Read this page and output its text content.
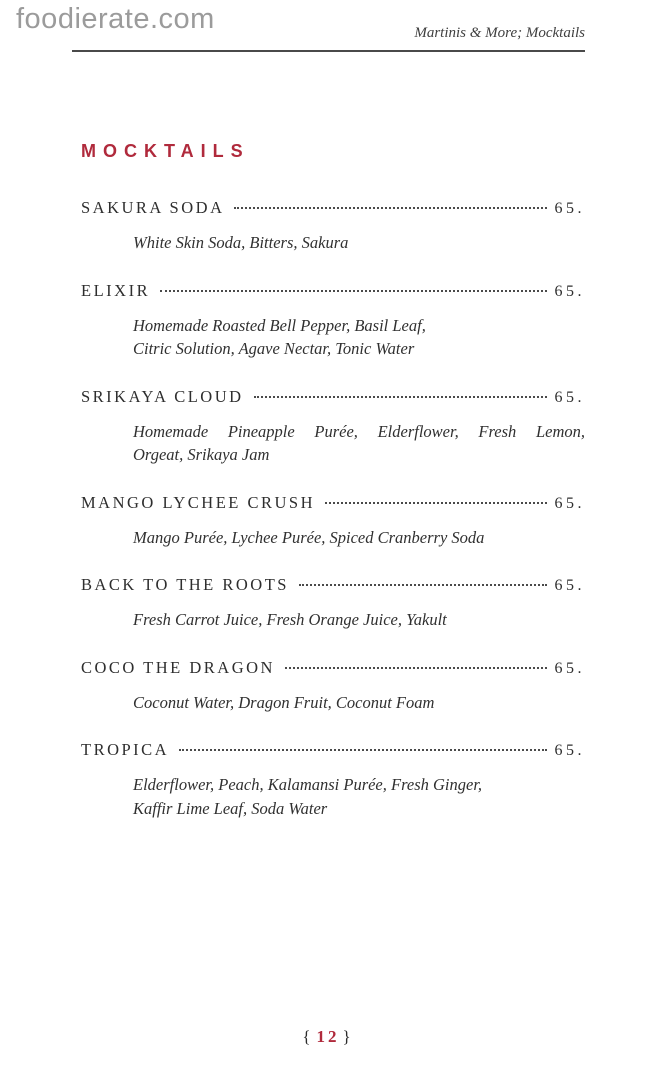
foodierate.com	Martinis & More; Mocktails
MOCKTAILS
SAKURA SODA	65.
White Skin Soda, Bitters, Sakura
ELIXIR	65.
Homemade Roasted Bell Pepper, Basil Leaf,
Citric Solution, Agave Nectar, Tonic Water
SRIKAYA CLOUD	65.
Homemade Pineapple Purée, Elderflower, Fresh Lemon,
Orgeat, Srikaya Jam
MANGO LYCHEE CRUSH	65.
Mango Purée, Lychee Purée, Spiced Cranberry Soda
BACK TO THE ROOTS	65.
Fresh Carrot Juice, Fresh Orange Juice, Yakult
COCO THE DRAGON	65.
Coconut Water, Dragon Fruit, Coconut Foam
TROPICA	65.
Elderflower, Peach, Kalamansi Purée, Fresh Ginger,
Kaffir Lime Leaf, Soda Water
{ 12 }
